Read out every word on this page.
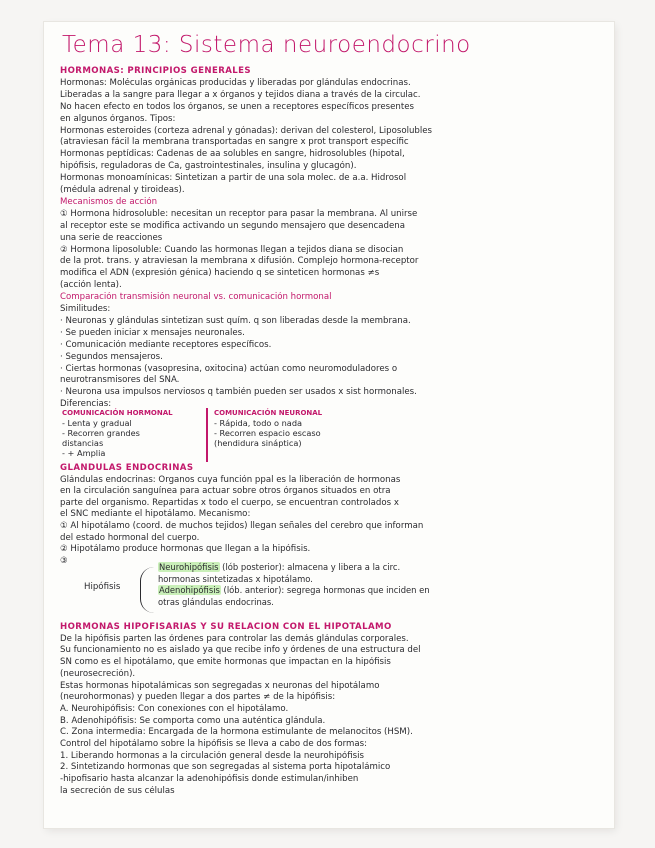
Tema 13: Sistema neuroendocrino
HORMONAS: PRINCIPIOS GENERALES
Hormonas: Moléculas orgánicas producidas y liberadas por glándulas endocrinas.
Liberadas a la sangre para llegar a x órganos y tejidos diana a través de la circulac.
No hacen efecto en todos los órganos, se unen a receptores específicos presentes
en algunos órganos. Tipos:
Hormonas esteroides (corteza adrenal y gónadas): derivan del colesterol, Liposolubles
(atraviesan fácil la membrana transportadas en sangre x prot transport específic
Hormonas peptídicas: Cadenas de aa solubles en sangre, hidrosolubles (hipotal,
hipófisis, reguladoras de Ca, gastrointestinales, insulina y glucagón).
Hormonas monoamínicas: Sintetizan a partir de una sola molec. de a.a. Hidrosol
(médula adrenal y tiroideas).
Mecanismos de acción
① Hormona hidrosoluble: necesitan un receptor para pasar la membrana. Al unirse
al receptor este se modifica activando un segundo mensajero que desencadena
una serie de reacciones
② Hormona liposoluble: Cuando las hormonas llegan a tejidos diana se disocian
de la prot. trans. y atraviesan la membrana x difusión. Complejo hormona-receptor
modifica el ADN (expresión génica) haciendo q se sinteticen hormonas ≠s
(acción lenta).
Comparación transmisión neuronal vs. comunicación hormonal
Similitudes:
· Neuronas y glándulas sintetizan sust quím. q son liberadas desde la membrana.
· Se pueden iniciar x mensajes neuronales.
· Comunicación mediante receptores específicos.
· Segundos mensajeros.
· Ciertas hormonas (vasopresina, oxitocina) actúan como neuromoduladores o
neurotransmisores del SNA.
· Neurona usa impulsos nerviosos q también pueden ser usados x sist hormonales.
Diferencias:
COMUNICACIÓN HORMONAL
- Lenta y gradual
- Recorren grandes
distancias
- + Amplia
COMUNICACIÓN NEURONAL
- Rápida, todo o nada
- Recorren espacio escaso
(hendidura sináptica)
GLÁNDULAS ENDOCRINAS
Glándulas endocrinas: Órganos cuya función ppal es la liberación de hormonas
en la circulación sanguínea para actuar sobre otros órganos situados en otra
parte del organismo. Repartidas x todo el cuerpo, se encuentran controlados x
el SNC mediante el hipotálamo. Mecanismo:
① Al hipotálamo (coord. de muchos tejidos) llegan señales del cerebro que informan
del estado hormonal del cuerpo.
② Hipotálamo produce hormonas que llegan a la hipófisis.
③
Hipófisis
Neurohipófisis (lób posterior): almacena y libera a la circ.
hormonas sintetizadas x hipotálamo.
Adenohipófisis (lób. anterior): segrega hormonas que inciden en
otras glándulas endocrinas.
HORMONAS HIPOFISARIAS Y SU RELACIÓN CON EL HIPOTÁLAMO
De la hipófisis parten las órdenes para controlar las demás glándulas corporales.
Su funcionamiento no es aislado ya que recibe info y órdenes de una estructura del
SN como es el hipotálamo, que emite hormonas que impactan en la hipófisis
(neurosecreción).
Estas hormonas hipotalámicas son segregadas x neuronas del hipotálamo
(neurohormonas) y pueden llegar a dos partes ≠ de la hipófisis:
A. Neurohipófisis: Con conexiones con el hipotálamo.
B. Adenohipófisis: Se comporta como una auténtica glándula.
C. Zona intermedia: Encargada de la hormona estimulante de melanocitos (HSM).
Control del hipotálamo sobre la hipófisis se lleva a cabo de dos formas:
1. Liberando hormonas a la circulación general desde la neurohipófisis
2. Sintetizando hormonas que son segregadas al sistema porta hipotalámico
-hipofisario hasta alcanzar la adenohipófisis donde estimulan/inhiben
la secreción de sus células
